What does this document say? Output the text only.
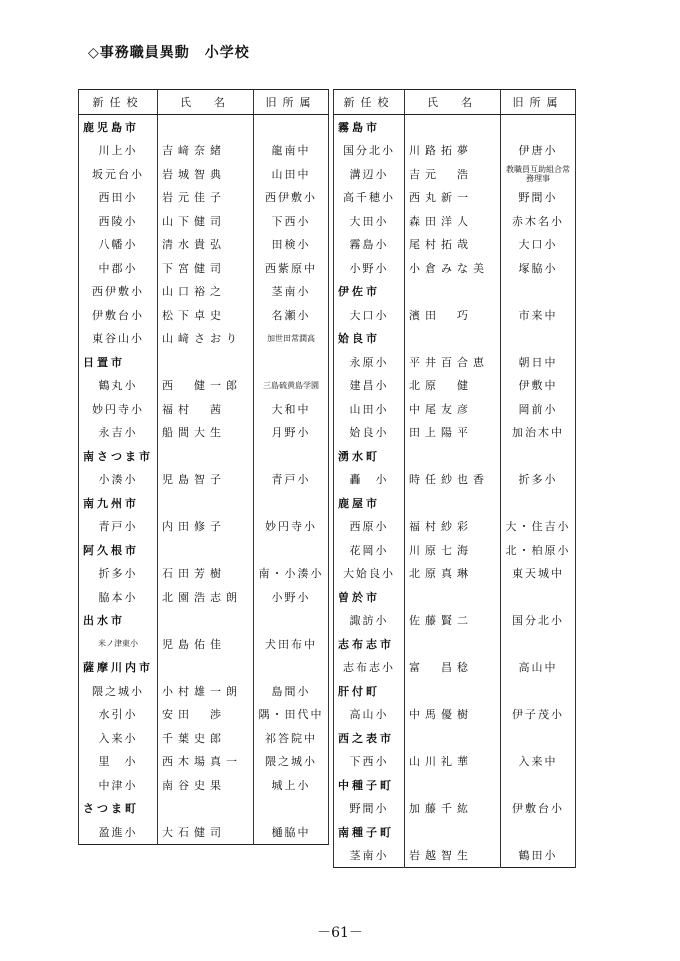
◇事務職員異動　小学校
新任校	氏　名	旧所属
鹿児島市		
川上小	吉﨑奈緒	龍南中
坂元台小	岩城智典	山田中
西田小	岩元佳子	西伊敷小
西陵小	山下健司	下西小
八幡小	清水貴弘	田検小
中郡小	下宮健司	西紫原中
西伊敷小	山口裕之	茎南小
伊敷台小	松下卓史	名瀬小
東谷山小	山﨑さおり	加世田常潤高
日置市		
鶴丸小	西　健一郎	三島硫黄島学園
妙円寺小	福村　茜	大和中
永吉小	船間大生	月野小
南さつま市		
小湊小	児島智子	青戸小
南九州市		
青戸小	内田修子	妙円寺小
阿久根市		
折多小	石田芳樹	南・小湊小
脇本小	北園浩志朗	小野小
出水市		
米ノ津東小	児島佑佳	犬田布中
薩摩川内市		
隈之城小	小村雄一朗	島間小
水引小	安田　渉	隅・田代中
入来小	千葉史郎	祁答院中
里　小	西木場真一	隈之城小
中津小	南谷史果	城上小
さつま町		
盈進小	大石健司	樋脇中
新任校	氏　名	旧所属
霧島市		
国分北小	川路拓夢	伊唐小
溝辺小	吉元　浩	教職員互助組合常務理事
高千穂小	西丸新一	野間小
大田小	森田洋人	赤木名小
霧島小	尾村拓哉	大口小
小野小	小倉みな美	塚脇小
伊佐市		
大口小	濱田　巧	市来中
姶良市		
永原小	平井百合恵	朝日中
建昌小	北原　健	伊敷中
山田小	中尾友彦	岡前小
姶良小	田上陽平	加治木中
湧水町		
轟　小	時任紗也香	折多小
鹿屋市		
西原小	福村紗彩	大・住吉小
花岡小	川原七海	北・柏原小
大姶良小	北原真琳	東天城中
曽於市		
諏訪小	佐藤賢二	国分北小
志布志市		
志布志小	富　昌稔	高山中
肝付町		
高山小	中馬優樹	伊子茂小
西之表市		
下西小	山川礼華	入来中
中種子町		
野間小	加藤千紘	伊敷台小
南種子町		
茎南小	岩越智生	鶴田小
－61－
